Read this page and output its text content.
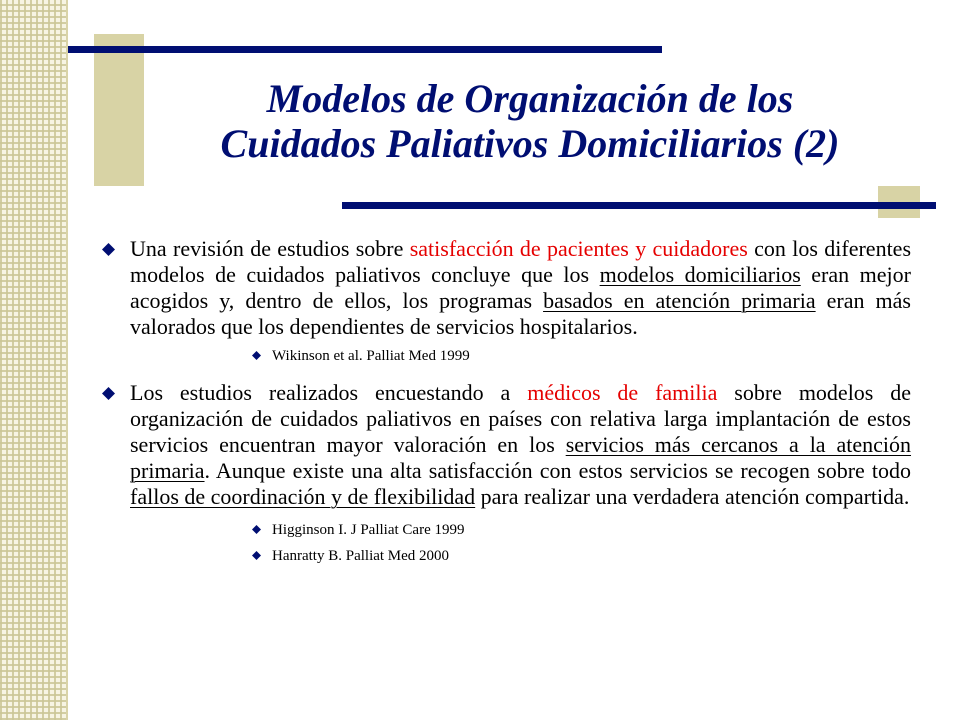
Modelos de Organización de los
Cuidados Paliativos Domiciliarios (2)

Una revisión de estudios sobre satisfacción de pacientes y cuidadores con los diferentes modelos de cuidados paliativos concluye que los modelos domiciliarios eran mejor acogidos y, dentro de ellos, los programas basados en atención primaria eran más valorados que los dependientes de servicios hospitalarios.

Wikinson et al. Palliat Med 1999

Los estudios realizados encuestando a médicos de familia sobre modelos de organización de cuidados paliativos en países con relativa larga implantación de estos servicios encuentran mayor valoración en los servicios más cercanos a la atención primaria. Aunque existe una alta satisfacción con estos servicios se recogen sobre todo fallos de coordinación y de flexibilidad para realizar una verdadera atención compartida.

Higginson I. J Palliat Care 1999
Hanratty B. Palliat Med 2000
